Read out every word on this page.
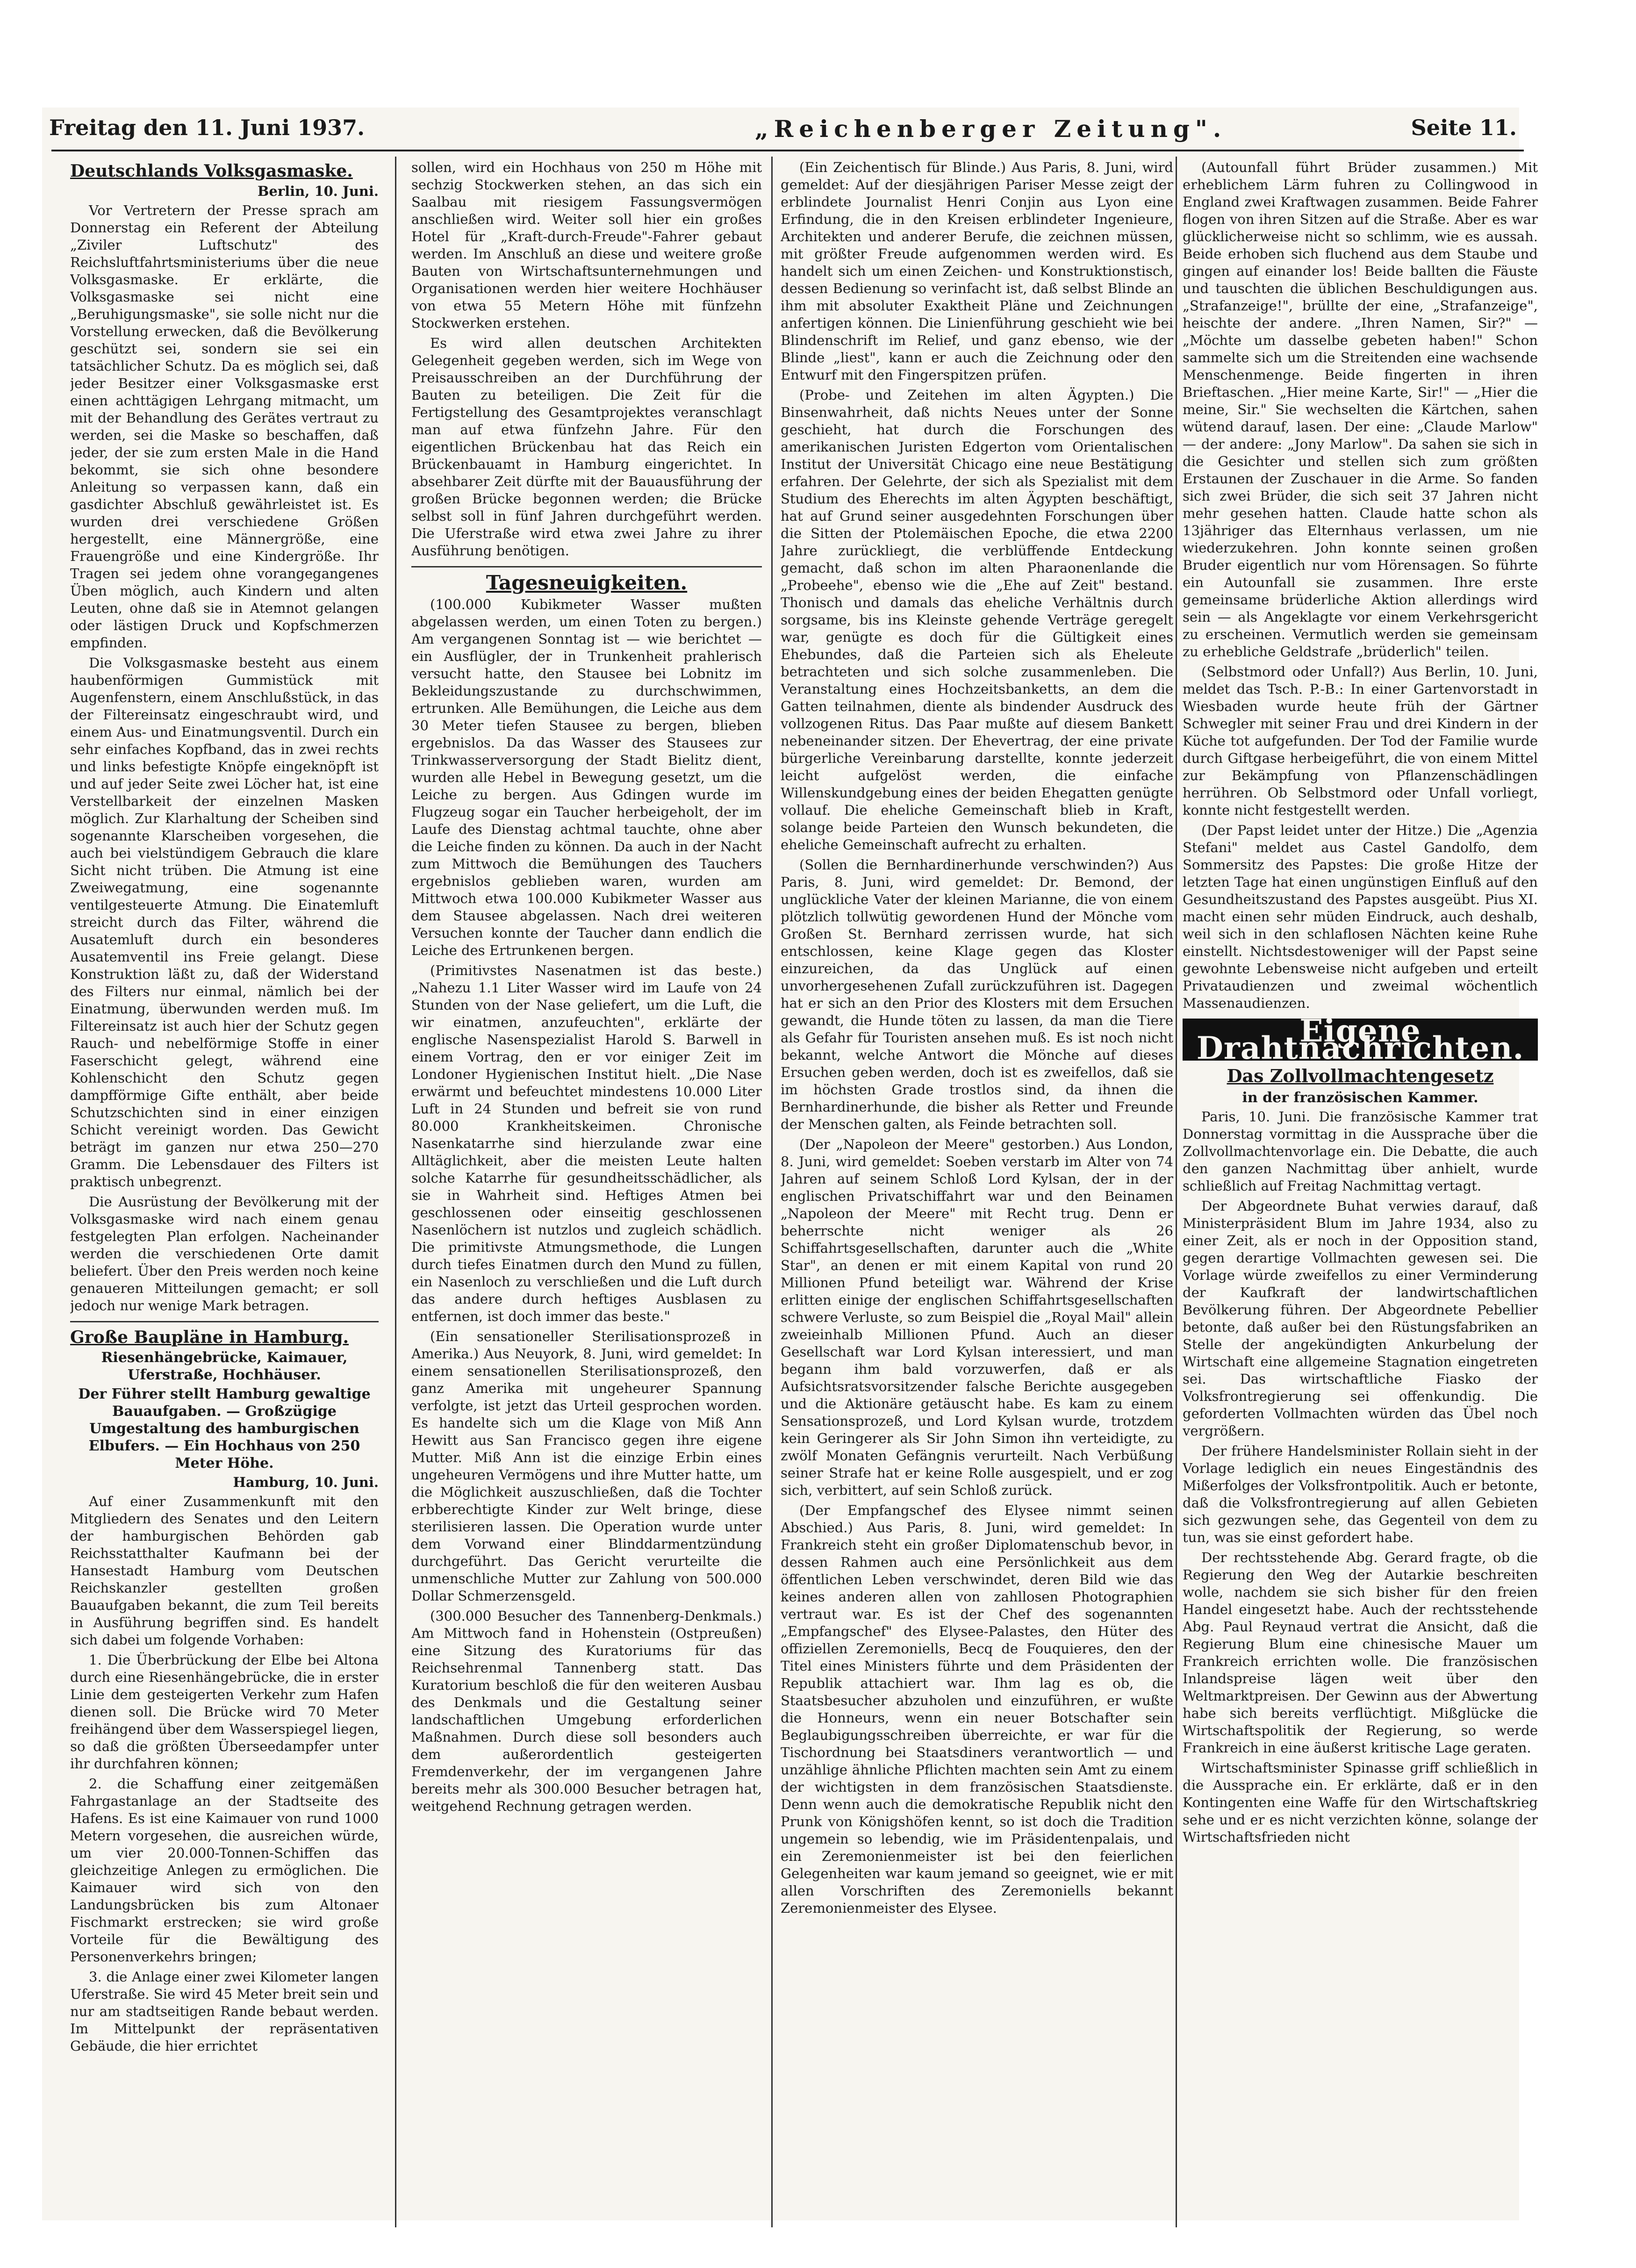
Freitag den 11. Juni 1937.	„Reichenberger Zeitung".	Seite 11.
Deutschlands Volksgasmaske.
Berlin, 10. Juni.

Vor Vertretern der Presse sprach am Donnerstag ein Referent der Abteilung „Ziviler Luftschutz" des Reichsluftfahrtsministeriums über die neue Volksgasmaske. Er erklärte, die Volksgasmaske sei nicht eine „Beruhigungsmaske", sie solle nicht nur die Vorstellung erwecken, daß die Bevölkerung geschützt sei, sondern sie sei ein tatsächlicher Schutz. Da es möglich sei, daß jeder Besitzer einer Volksgasmaske erst einen achttägigen Lehrgang mitmacht, um mit der Behandlung des Gerätes vertraut zu werden, sei die Maske so beschaffen, daß jeder, der sie zum ersten Male in die Hand bekommt, sie sich ohne besondere Anleitung so verpassen kann, daß ein gasdichter Abschluß gewährleistet ist. Es wurden drei verschiedene Größen hergestellt, eine Männergröße, eine Frauengröße und eine Kindergröße. Ihr Tragen sei jedem ohne vorangegangenes Üben möglich, auch Kindern und alten Leuten, ohne daß sie in Atemnot gelangen oder lästigen Druck und Kopfschmerzen empfinden.

Die Volksgasmaske besteht aus einem haubenförmigen Gummistück mit Augenfenstern, einem Anschlußstück, in das der Filtereinsatz eingeschraubt wird, und einem Aus- und Einatmungsventil. Durch ein sehr einfaches Kopfband, das in zwei rechts und links befestigte Knöpfe eingeknöpft ist und auf jeder Seite zwei Löcher hat, ist eine Verstellbarkeit der einzelnen Masken möglich. Zur Klarhaltung der Scheiben sind sogenannte Klarscheiben vorgesehen, die auch bei vielstündigem Gebrauch die klare Sicht nicht trüben. Die Atmung ist eine Zweiwegatmung, eine sogenannte ventilgesteuerte Atmung. Die Einatemluft streicht durch das Filter, während die Ausatemluft durch ein besonderes Ausatemventil ins Freie gelangt. Diese Konstruktion läßt zu, daß der Widerstand des Filters nur einmal, nämlich bei der Einatmung, überwunden werden muß. Im Filtereinsatz ist auch hier der Schutz gegen Rauch- und nebelförmige Stoffe in einer Faserschicht gelegt, während eine Kohlenschicht den Schutz gegen dampfförmige Gifte enthält, aber beide Schutzschichten sind in einer einzigen Schicht vereinigt worden. Das Gewicht beträgt im ganzen nur etwa 250—270 Gramm. Die Lebensdauer des Filters ist praktisch unbegrenzt.

Die Ausrüstung der Bevölkerung mit der Volksgasmaske wird nach einem genau festgelegten Plan erfolgen. Nacheinander werden die verschiedenen Orte damit beliefert. Über den Preis werden noch keine genaueren Mitteilungen gemacht; er soll jedoch nur wenige Mark betragen.

Große Baupläne in Hamburg.
Riesenhängebrücke, Kaimauer, Uferstraße, Hochhäuser.
Der Führer stellt Hamburg gewaltige Bauaufgaben. — Großzügige Umgestaltung des hamburgischen Elbufers. — Ein Hochhaus von 250 Meter Höhe.
Hamburg, 10. Juni.

Auf einer Zusammenkunft mit den Mitgliedern des Senates und den Leitern der hamburgischen Behörden gab Reichsstatthalter Kaufmann bei der Hansestadt Hamburg vom Deutschen Reichskanzler gestellten großen Bauaufgaben bekannt, die zum Teil bereits in Ausführung begriffen sind. Es handelt sich dabei um folgende Vorhaben:

1. Die Überbrückung der Elbe bei Altona durch eine Riesenhängebrücke, die in erster Linie dem gesteigerten Verkehr zum Hafen dienen soll. Die Brücke wird 70 Meter freihängend über dem Wasserspiegel liegen, so daß die größten Überseedampfer unter ihr durchfahren können;

2. die Schaffung einer zeitgemäßen Fahrgastanlage an der Stadtseite des Hafens. Es ist eine Kaimauer von rund 1000 Metern vorgesehen, die ausreichen würde, um vier 20.000-Tonnen-Schiffen das gleichzeitige Anlegen zu ermöglichen. Die Kaimauer wird sich von den Landungsbrücken bis zum Altonaer Fischmarkt erstrecken; sie wird große Vorteile für die Bewältigung des Personenverkehrs bringen;

3. die Anlage einer zwei Kilometer langen Uferstraße. Sie wird 45 Meter breit sein und nur am stadtseitigen Rande bebaut werden. Im Mittelpunkt der repräsentativen Gebäude, die hier errichtet

sollen, wird ein Hochhaus von 250 m Höhe mit sechzig Stockwerken stehen, an das sich ein Saalbau mit riesigem Fassungsvermögen anschließen wird. Weiter soll hier ein großes Hotel für „Kraft-durch-Freude"-Fahrer gebaut werden. Im Anschluß an diese und weitere große Bauten von Wirtschaftsunternehmungen und Organisationen werden hier weitere Hochhäuser von etwa 55 Metern Höhe mit fünfzehn Stockwerken erstehen.

Es wird allen deutschen Architekten Gelegenheit gegeben werden, sich im Wege von Preisausschreiben an der Durchführung der Bauten zu beteiligen. Die Zeit für die Fertigstellung des Gesamtprojektes veranschlagt man auf etwa fünfzehn Jahre. Für den eigentlichen Brückenbau hat das Reich ein Brückenbauamt in Hamburg eingerichtet. In absehbarer Zeit dürfte mit der Bauausführung der großen Brücke begonnen werden; die Brücke selbst soll in fünf Jahren durchgeführt werden. Die Uferstraße wird etwa zwei Jahre zu ihrer Ausführung benötigen.

Tagesneuigkeiten.

(100.000 Kubikmeter Wasser mußten abgelassen werden, um einen Toten zu bergen.) Am vergangenen Sonntag ist — wie berichtet — ein Ausflügler, der in Trunkenheit prahlerisch versucht hatte, den Stausee bei Lobnitz im Bekleidungszustande zu durchschwimmen, ertrunken. Alle Bemühungen, die Leiche aus dem 30 Meter tiefen Stausee zu bergen, blieben ergebnislos. Da das Wasser des Stausees zur Trinkwasserversorgung der Stadt Bielitz dient, wurden alle Hebel in Bewegung gesetzt, um die Leiche zu bergen. Aus Gdingen wurde im Flugzeug sogar ein Taucher herbeigeholt, der im Laufe des Dienstag achtmal tauchte, ohne aber die Leiche finden zu können. Da auch in der Nacht zum Mittwoch die Bemühungen des Tauchers ergebnislos geblieben waren, wurden am Mittwoch etwa 100.000 Kubikmeter Wasser aus dem Stausee abgelassen. Nach drei weiteren Versuchen konnte der Taucher dann endlich die Leiche des Ertrunkenen bergen.

(Primitivstes Nasenatmen ist das beste.) „Nahezu 1.1 Liter Wasser wird im Laufe von 24 Stunden von der Nase geliefert, um die Luft, die wir einatmen, anzufeuchten", erklärte der englische Nasenspezialist Harold S. Barwell in einem Vortrag, den er vor einiger Zeit im Londoner Hygienischen Institut hielt. „Die Nase erwärmt und befeuchtet mindestens 10.000 Liter Luft in 24 Stunden und befreit sie von rund 80.000 Krankheitskeimen. Chronische Nasenkatarrhe sind hierzulande zwar eine Alltäglichkeit, aber die meisten Leute halten solche Katarrhe für gesundheitsschädlicher, als sie in Wahrheit sind. Heftiges Atmen bei geschlossenen oder einseitig geschlossenen Nasenlöchern ist nutzlos und zugleich schädlich. Die primitivste Atmungsmethode, die Lungen durch tiefes Einatmen durch den Mund zu füllen, ein Nasenloch zu verschließen und die Luft durch das andere durch heftiges Ausblasen zu entfernen, ist doch immer das beste."

(Ein sensationeller Sterilisationsprozeß in Amerika.) Aus Neuyork, 8. Juni, wird gemeldet: In einem sensationellen Sterilisationsprozeß, den ganz Amerika mit ungeheurer Spannung verfolgte, ist jetzt das Urteil gesprochen worden. Es handelte sich um die Klage von Miß Ann Hewitt aus San Francisco gegen ihre eigene Mutter. Miß Ann ist die einzige Erbin eines ungeheuren Vermögens und ihre Mutter hatte, um die Möglichkeit auszuschließen, daß die Tochter erbberechtigte Kinder zur Welt bringe, diese sterilisieren lassen. Die Operation wurde unter dem Vorwand einer Blinddarmentzündung durchgeführt. Das Gericht verurteilte die unmenschliche Mutter zur Zahlung von 500.000 Dollar Schmerzensgeld.

(300.000 Besucher des Tannenberg-Denkmals.) Am Mittwoch fand in Hohenstein (Ostpreußen) eine Sitzung des Kuratoriums für das Reichsehrenmal Tannenberg statt. Das Kuratorium beschloß die für den weiteren Ausbau des Denkmals und die Gestaltung seiner landschaftlichen Umgebung erforderlichen Maßnahmen. Durch diese soll besonders auch dem außerordentlich gesteigerten Fremdenverkehr, der im vergangenen Jahre bereits mehr als 300.000 Besucher betragen hat, weitgehend Rechnung getragen werden.

(Ein Zeichentisch für Blinde.) Aus Paris, 8. Juni, wird gemeldet: Auf der diesjährigen Pariser Messe zeigt der erblindete Journalist Henri Conjin aus Lyon eine Erfindung, die in den Kreisen erblindeter Ingenieure, Architekten und anderer Berufe, die zeichnen müssen, mit größter Freude aufgenommen werden wird. Es handelt sich um einen Zeichen- und Konstruktionstisch, dessen Bedienung so verinfacht ist, daß selbst Blinde an ihm mit absoluter Exaktheit Pläne und Zeichnungen anfertigen können. Die Linienführung geschieht wie bei Blindenschrift im Relief, und ganz ebenso, wie der Blinde „liest", kann er auch die Zeichnung oder den Entwurf mit den Fingerspitzen prüfen.

(Probe- und Zeitehen im alten Ägypten.) Die Binsenwahrheit, daß nichts Neues unter der Sonne geschieht, hat durch die Forschungen des amerikanischen Juristen Edgerton vom Orientalischen Institut der Universität Chicago eine neue Bestätigung erfahren. Der Gelehrte, der sich als Spezialist mit dem Studium des Eherechts im alten Ägypten beschäftigt, hat auf Grund seiner ausgedehnten Forschungen über die Sitten der Ptolemäischen Epoche, die etwa 2200 Jahre zurückliegt, die verblüffende Entdeckung gemacht, daß schon im alten Pharaonenlande die „Probeehe", ebenso wie die „Ehe auf Zeit" bestand. Thonisch und damals das eheliche Verhältnis durch sorgsame, bis ins Kleinste gehende Verträge geregelt war, genügte es doch für die Gültigkeit eines Ehebundes, daß die Parteien sich als Eheleute betrachteten und sich solche zusammenleben. Die Veranstaltung eines Hochzeitsbanketts, an dem die Gatten teilnahmen, diente als bindender Ausdruck des vollzogenen Ritus. Das Paar mußte auf diesem Bankett nebeneinander sitzen. Der Ehevertrag, der eine private bürgerliche Vereinbarung darstellte, konnte jederzeit leicht aufgelöst werden, die einfache Willenskundgebung eines der beiden Ehegatten genügte vollauf. Die eheliche Gemeinschaft blieb in Kraft, solange beide Parteien den Wunsch bekundeten, die eheliche Gemeinschaft aufrecht zu erhalten.

(Sollen die Bernhardinerhunde verschwinden?) Aus Paris, 8. Juni, wird gemeldet: Dr. Bemond, der unglückliche Vater der kleinen Marianne, die von einem plötzlich tollwütig gewordenen Hund der Mönche vom Großen St. Bernhard zerrissen wurde, hat sich entschlossen, keine Klage gegen das Kloster einzureichen, da das Unglück auf einen unvorhergesehenen Zufall zurückzuführen ist. Dagegen hat er sich an den Prior des Klosters mit dem Ersuchen gewandt, die Hunde töten zu lassen, da man die Tiere als Gefahr für Touristen ansehen muß. Es ist noch nicht bekannt, welche Antwort die Mönche auf dieses Ersuchen geben werden, doch ist es zweifellos, daß sie im höchsten Grade trostlos sind, da ihnen die Bernhardinerhunde, die bisher als Retter und Freunde der Menschen galten, als Feinde betrachten soll.

(Der „Napoleon der Meere" gestorben.) Aus London, 8. Juni, wird gemeldet: Soeben verstarb im Alter von 74 Jahren auf seinem Schloß Lord Kylsan, der in der englischen Privatschiffahrt war und den Beinamen „Napoleon der Meere" mit Recht trug. Denn er beherrschte nicht weniger als 26 Schiffahrtsgesellschaften, darunter auch die „White Star", an denen er mit einem Kapital von rund 20 Millionen Pfund beteiligt war. Während der Krise erlitten einige der englischen Schiffahrtsgesellschaften schwere Verluste, so zum Beispiel die „Royal Mail" allein zweieinhalb Millionen Pfund. Auch an dieser Gesellschaft war Lord Kylsan interessiert, und man begann ihm bald vorzuwerfen, daß er als Aufsichtsratsvorsitzender falsche Berichte ausgegeben und die Aktionäre getäuscht habe. Es kam zu einem Sensationsprozeß, und Lord Kylsan wurde, trotzdem kein Geringerer als Sir John Simon ihn verteidigte, zu zwölf Monaten Gefängnis verurteilt. Nach Verbüßung seiner Strafe hat er keine Rolle ausgespielt, und er zog sich, verbittert, auf sein Schloß zurück.

(Der Empfangschef des Elysee nimmt seinen Abschied.) Aus Paris, 8. Juni, wird gemeldet: In Frankreich steht ein großer Diplomatenschub bevor, in dessen Rahmen auch eine Persönlichkeit aus dem öffentlichen Leben verschwindet, deren Bild wie das keines anderen allen von zahllosen Photographien vertraut war. Es ist der Chef des sogenannten „Empfangschef" des Elysee-Palastes, den Hüter des offiziellen Zeremoniells, Becq de Fouquieres, den der Titel eines Ministers führte und dem Präsidenten der Republik attachiert war. Ihm lag es ob, die Staatsbesucher abzuholen und einzuführen, er wußte die Honneurs, wenn ein neuer Botschafter sein Beglaubigungsschreiben überreichte, er war für die Tischordnung bei Staatsdiners verantwortlich — und unzählige ähnliche Pflichten machten sein Amt zu einem der wichtigsten in dem französischen Staatsdienste. Denn wenn auch die demokratische Republik nicht den Prunk von Königshöfen kennt, so ist doch die Tradition ungemein so lebendig, wie im Präsidentenpalais, und ein Zeremonienmeister ist bei den feierlichen Gelegenheiten war kaum jemand so geeignet, wie er mit allen Vorschriften des Zeremoniells bekannt Zeremonienmeister des Elysee.

(Autounfall führt Brüder zusammen.) Mit erheblichem Lärm fuhren zu Collingwood in England zwei Kraftwagen zusammen. Beide Fahrer flogen von ihren Sitzen auf die Straße. Aber es war glücklicherweise nicht so schlimm, wie es aussah. Beide erhoben sich fluchend aus dem Staube und gingen auf einander los! Beide ballten die Fäuste und tauschten die üblichen Beschuldigungen aus. „Strafanzeige!", brüllte der eine, „Strafanzeige", heischte der andere. „Ihren Namen, Sir?" — „Möchte um dasselbe gebeten haben!" Schon sammelte sich um die Streitenden eine wachsende Menschenmenge. Beide fingerten in ihren Brieftaschen. „Hier meine Karte, Sir!" — „Hier die meine, Sir." Sie wechselten die Kärtchen, sahen wütend darauf, lasen. Der eine: „Claude Marlow" — der andere: „Jony Marlow". Da sahen sie sich in die Gesichter und stellen sich zum größten Erstaunen der Zuschauer in die Arme. So fanden sich zwei Brüder, die sich seit 37 Jahren nicht mehr gesehen hatten. Claude hatte schon als 13jähriger das Elternhaus verlassen, um nie wiederzukehren. John konnte seinen großen Bruder eigentlich nur vom Hörensagen. So führte ein Autounfall sie zusammen. Ihre erste gemeinsame brüderliche Aktion allerdings wird sein — als Angeklagte vor einem Verkehrsgericht zu erscheinen. Vermutlich werden sie gemeinsam zu erhebliche Geldstrafe „brüderlich" teilen.

(Selbstmord oder Unfall?) Aus Berlin, 10. Juni, meldet das Tsch. P.-B.: In einer Gartenvorstadt in Wiesbaden wurde heute früh der Gärtner Schwegler mit seiner Frau und drei Kindern in der Küche tot aufgefunden. Der Tod der Familie wurde durch Giftgase herbeigeführt, die von einem Mittel zur Bekämpfung von Pflanzenschädlingen herrühren. Ob Selbstmord oder Unfall vorliegt, konnte nicht festgestellt werden.

(Der Papst leidet unter der Hitze.) Die „Agenzia Stefani" meldet aus Castel Gandolfo, dem Sommersitz des Papstes: Die große Hitze der letzten Tage hat einen ungünstigen Einfluß auf den Gesundheitszustand des Papstes ausgeübt. Pius XI. macht einen sehr müden Eindruck, auch deshalb, weil sich in den schlaflosen Nächten keine Ruhe einstellt. Nichtsdestoweniger will der Papst seine gewohnte Lebensweise nicht aufgeben und erteilt Privataudienzen und zweimal wöchentlich Massenaudienzen.

Eigene Drahtnachrichten.
Das Zollvollmachtengesetz
in der französischen Kammer.

Paris, 10. Juni. Die französische Kammer trat Donnerstag vormittag in die Aussprache über die Zollvollmachtenvorlage ein. Die Debatte, die auch den ganzen Nachmittag über anhielt, wurde schließlich auf Freitag Nachmittag vertagt.

Der Abgeordnete Buhat verwies darauf, daß Ministerpräsident Blum im Jahre 1934, also zu einer Zeit, als er noch in der Opposition stand, gegen derartige Vollmachten gewesen sei. Die Vorlage würde zweifellos zu einer Verminderung der Kaufkraft der landwirtschaftlichen Bevölkerung führen. Der Abgeordnete Pebellier betonte, daß außer bei den Rüstungsfabriken an Stelle der angekündigten Ankurbelung der Wirtschaft eine allgemeine Stagnation eingetreten sei. Das wirtschaftliche Fiasko der Volksfrontregierung sei offenkundig. Die geforderten Vollmachten würden das Übel noch vergrößern.

Der frühere Handelsminister Rollain sieht in der Vorlage lediglich ein neues Eingeständnis des Mißerfolges der Volksfrontpolitik. Auch er betonte, daß die Volksfrontregierung auf allen Gebieten sich gezwungen sehe, das Gegenteil von dem zu tun, was sie einst gefordert habe.

Der rechtsstehende Abg. Gerard fragte, ob die Regierung den Weg der Autarkie beschreiten wolle, nachdem sie sich bisher für den freien Handel eingesetzt habe. Auch der rechtsstehende Abg. Paul Reynaud vertrat die Ansicht, daß die Regierung Blum eine chinesische Mauer um Frankreich errichten wolle. Die französischen Inlandspreise lägen weit über den Weltmarktpreisen. Der Gewinn aus der Abwertung habe sich bereits verflüchtigt. Mißglücke die Wirtschaftspolitik der Regierung, so werde Frankreich in eine äußerst kritische Lage geraten.

Wirtschaftsminister Spinasse griff schließlich in die Aussprache ein. Er erklärte, daß er in den Kontingenten eine Waffe für den Wirtschaftskrieg sehe und er es nicht verzichten könne, solange der Wirtschaftsfrieden nicht
